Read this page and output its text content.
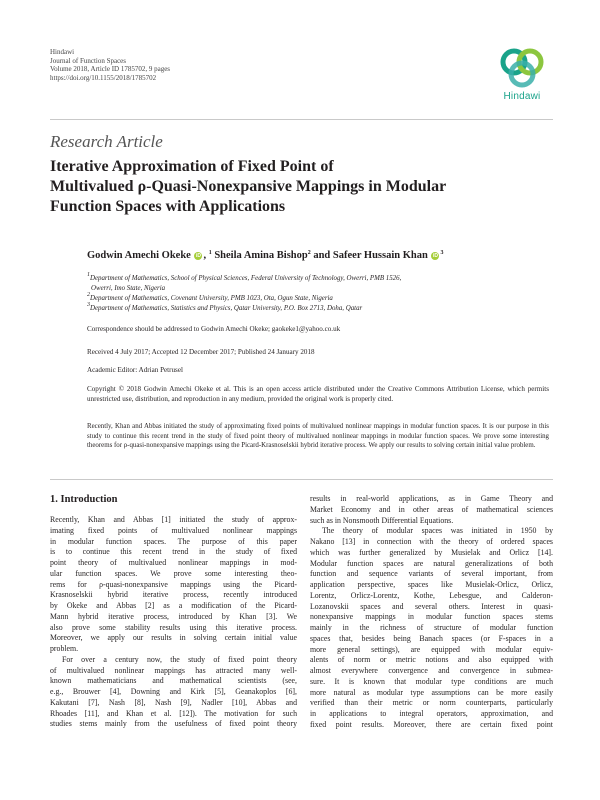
Hindawi
Journal of Function Spaces
Volume 2018, Article ID 1785702, 9 pages
https://doi.org/10.1155/2018/1785702
Hindawi
Research Article
Iterative Approximation of Fixed Point of
Multivalued ρ-Quasi-Nonexpansive Mappings in Modular
Function Spaces with Applications
Godwin Amechi Okeke iD , $^1$ Sheila Amina Bishop$^2$ and Safeer Hussain Khan iD $^3$
$^1$Department of Mathematics, School of Physical Sciences, Federal University of Technology, Owerri, PMB 1526,
Owerri, Imo State, Nigeria
$^2$Department of Mathematics, Covenant University, PMB 1023, Ota, Ogun State, Nigeria
$^3$Department of Mathematics, Statistics and Physics, Qatar University, P.O. Box 2713, Doha, Qatar
Correspondence should be addressed to Godwin Amechi Okeke; gaokeke1@yahoo.co.uk
Received 4 July 2017; Accepted 12 December 2017; Published 24 January 2018
Academic Editor: Adrian Petrusel
Copyright © 2018 Godwin Amechi Okeke et al. This is an open access article distributed under the Creative Commons Attribution License, which permits unrestricted use, distribution, and reproduction in any medium, provided the original work is properly cited.
Recently, Khan and Abbas initiated the study of approximating fixed points of multivalued nonlinear mappings in modular function spaces. It is our purpose in this study to continue this recent trend in the study of fixed point theory of multivalued nonlinear mappings in modular function spaces. We prove some interesting theorems for ρ-quasi-nonexpansive mappings using the Picard-Krasnoselskii hybrid iterative process. We apply our results to solving certain initial value problem.
1. Introduction
Recently, Khan and Abbas [1] initiated the study of approx-
imating fixed points of multivalued nonlinear mappings
in modular function spaces. The purpose of this paper
is to continue this recent trend in the study of fixed
point theory of multivalued nonlinear mappings in mod-
ular function spaces. We prove some interesting theo-
rems for ρ-quasi-nonexpansive mappings using the Picard-
Krasnoselskii hybrid iterative process, recently introduced
by Okeke and Abbas [2] as a modification of the Picard-
Mann hybrid iterative process, introduced by Khan [3]. We
also prove some stability results using this iterative process.
Moreover, we apply our results in solving certain initial value
problem.
For over a century now, the study of fixed point theory
of multivalued nonlinear mappings has attracted many well-
known mathematicians and mathematical scientists (see,
e.g., Brouwer [4], Downing and Kirk [5], Geanakoplos [6],
Kakutani [7], Nash [8], Nash [9], Nadler [10], Abbas and
Rhoades [11], and Khan et al. [12]). The motivation for such
studies stems mainly from the usefulness of fixed point theory
results in real-world applications, as in Game Theory and
Market Economy and in other areas of mathematical sciences
such as in Nonsmooth Differential Equations.
The theory of modular spaces was initiated in 1950 by
Nakano [13] in connection with the theory of ordered spaces
which was further generalized by Musielak and Orlicz [14].
Modular function spaces are natural generalizations of both
function and sequence variants of several important, from
application perspective, spaces like Musielak-Orlicz, Orlicz,
Lorentz, Orlicz-Lorentz, Kothe, Lebesgue, and Calderon-
Lozanovskii spaces and several others. Interest in quasi-
nonexpansive mappings in modular function spaces stems
mainly in the richness of structure of modular function
spaces that, besides being Banach spaces (or F-spaces in a
more general settings), are equipped with modular equiv-
alents of norm or metric notions and also equipped with
almost everywhere convergence and convergence in submea-
sure. It is known that modular type conditions are much
more natural as modular type assumptions can be more easily
verified than their metric or norm counterparts, particularly
in applications to integral operators, approximation, and
fixed point results. Moreover, there are certain fixed point
